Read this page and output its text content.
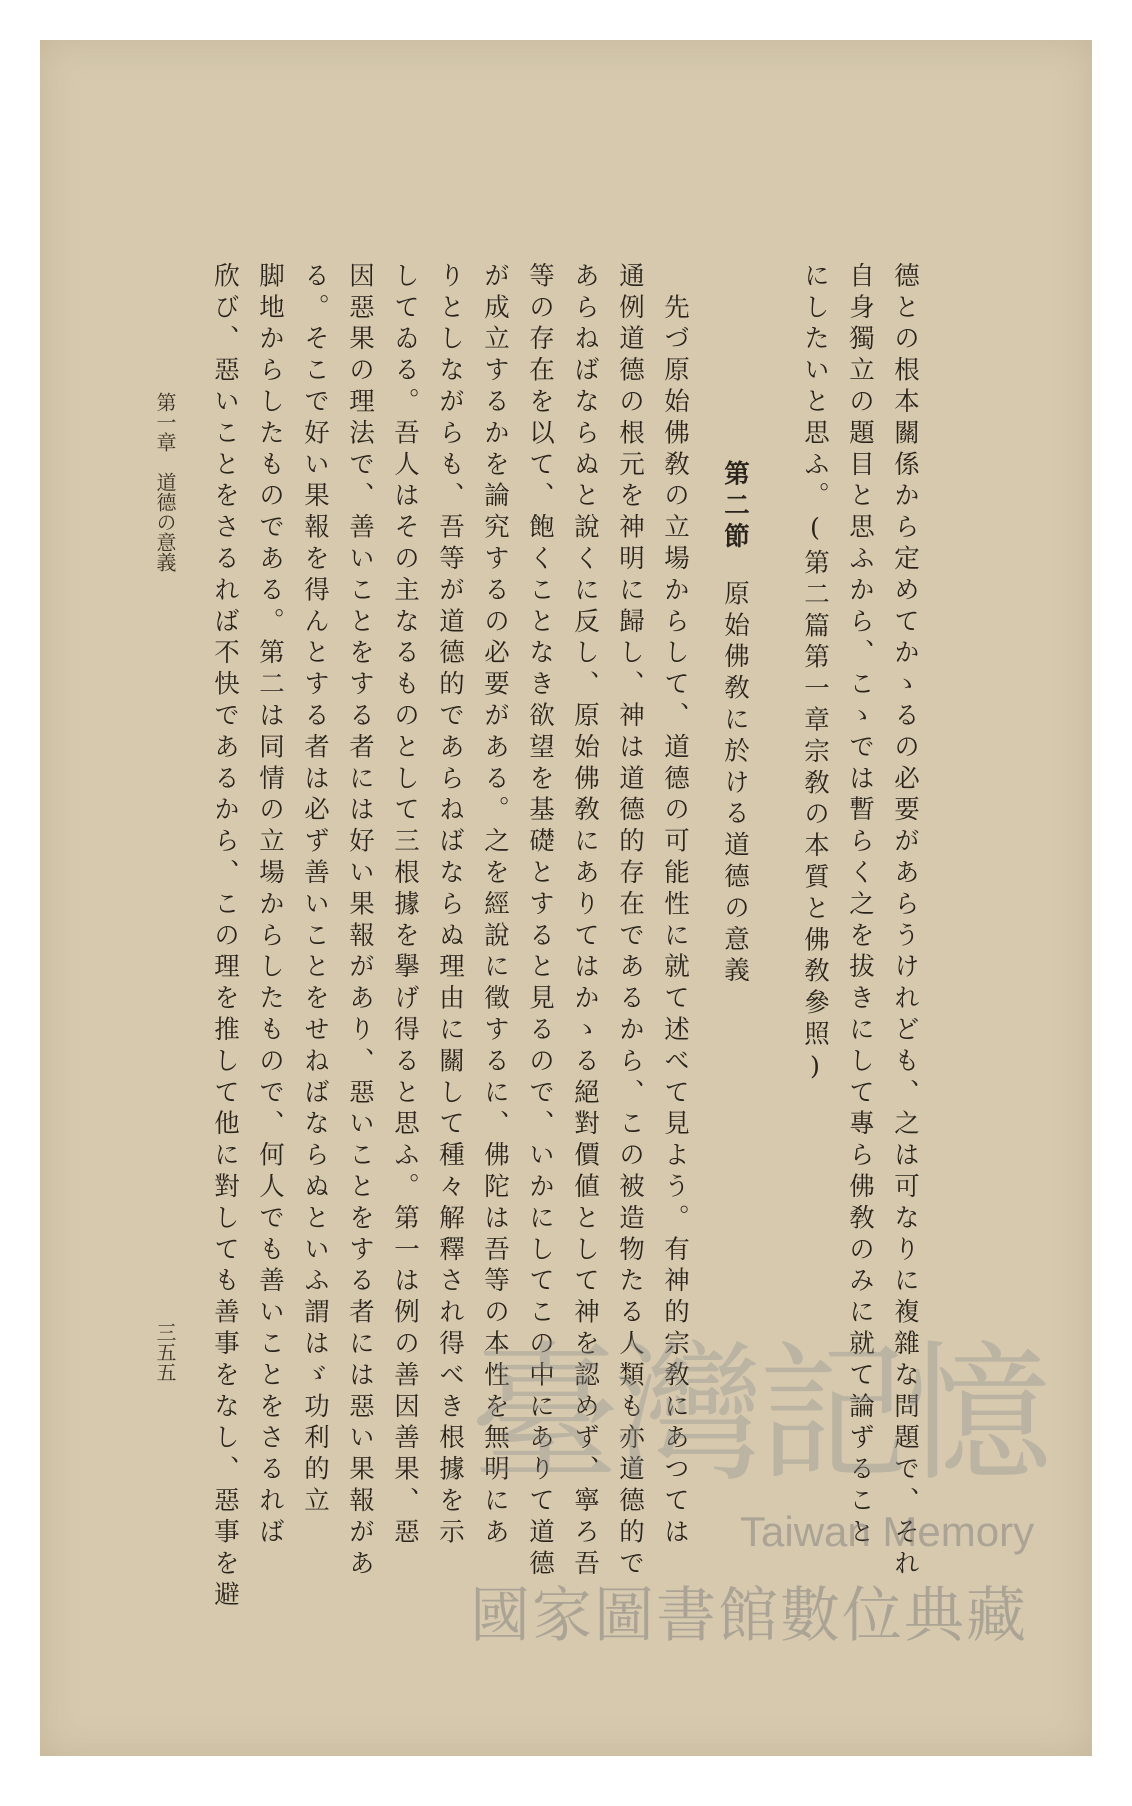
德との根本關係から定めてかゝるの必要があらうけれども、之は可なりに複雜な問題で、それ
自身獨立の題目と思ふから、こゝでは暫らく之を拔きにして專ら佛敎のみに就て論ずること
にしたいと思ふ。(第二篇第一章宗敎の本質と佛敎參照)
第二節原始佛敎に於ける道德の意義
　先づ原始佛敎の立場からして、道德の可能性に就て述べて見よう。有神的宗敎にあつては
通例道德の根元を神明に歸し、神は道德的存在であるから、この被造物たる人類も亦道德的で
あらねばならぬと說くに反し、原始佛敎にありてはかゝる絕對價値として神を認めず、寧ろ吾
等の存在を以て、飽くことなき欲望を基礎とすると見るので、いかにしてこの中にありて道德
が成立するかを論究するの必要がある。之を經說に徵するに、佛陀は吾等の本性を無明にあ
りとしながらも、吾等が道德的であらねばならぬ理由に關して種々解釋され得べき根據を示
してゐる。吾人はその主なるものとして三根據を擧げ得ると思ふ。第一は例の善因善果、惡
因惡果の理法で、善いことをする者には好い果報があり、惡いことをする者には惡い果報があ
る。そこで好い果報を得んとする者は必ず善いことをせねばならぬといふ謂はゞ功利的立
脚地からしたものである。第二は同情の立場からしたもので、何人でも善いことをさるれば
欣び、惡いことをさるれば不快であるから、この理を推して他に對しても善事をなし、惡事を避
第一章　道德の意義
三五五 臺灣記憶
Taiwan Memory
國家圖書館數位典藏
